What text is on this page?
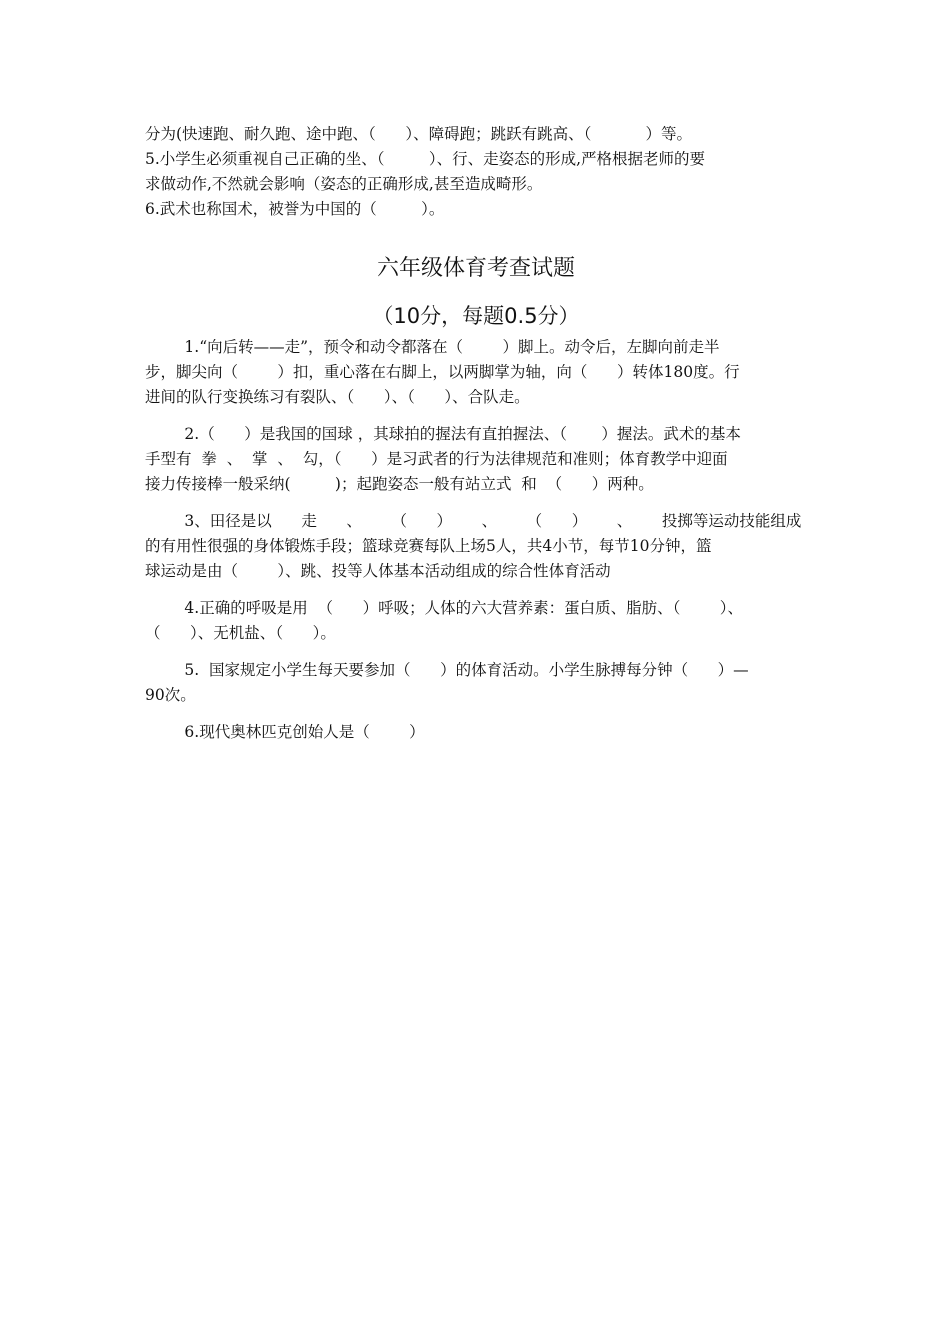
分为(快速跑、耐久跑、途中跑、（      ）、障碍跑；跳跃有跳高、（           ）等。
5.小学生必须重视自己正确的坐、（         ）、行、走姿态的形成,严格根据老师的要
求做动作,不然就会影响（姿态的正确形成,甚至造成畸形。
6.武术也称国术，被誉为中国的（         ）。
六年级体育考查试题
（10分，每题0.5分）
1.“向后转——走”，预令和动令都落在（        ）脚上。动令后，左脚向前走半
步，脚尖向（        ）扣，重心落在右脚上，以两脚掌为轴，向（      ）转体180度。行
进间的队行变换练习有裂队、（      ）、（      ）、合队走。
2.（      ）是我国的国球 ，其球拍的握法有直拍握法、（       ）握法。武术的基本
手型有  拳  、  掌  、  勾，（      ）是习武者的行为法律规范和准则；体育教学中迎面
接力传接棒一般采纳(         )；起跑姿态一般有站立式  和  （      ）两种。
3、田径是以      走      、      （      ）      、      （      ）      、      投掷等运动技能组成
的有用性很强的身体锻炼手段；篮球竞赛每队上场5人，共4小节，每节10分钟，篮
球运动是由（        ）、跳、投等人体基本活动组成的综合性体育活动
4.正确的呼吸是用  （      ）呼吸；人体的六大营养素：蛋白质、脂肪、（        ）、
（      ）、无机盐、（      ）。
5.  国家规定小学生每天要参加（      ）的体育活动。小学生脉搏每分钟（      ）—
90次。
6.现代奥林匹克创始人是（        ）
